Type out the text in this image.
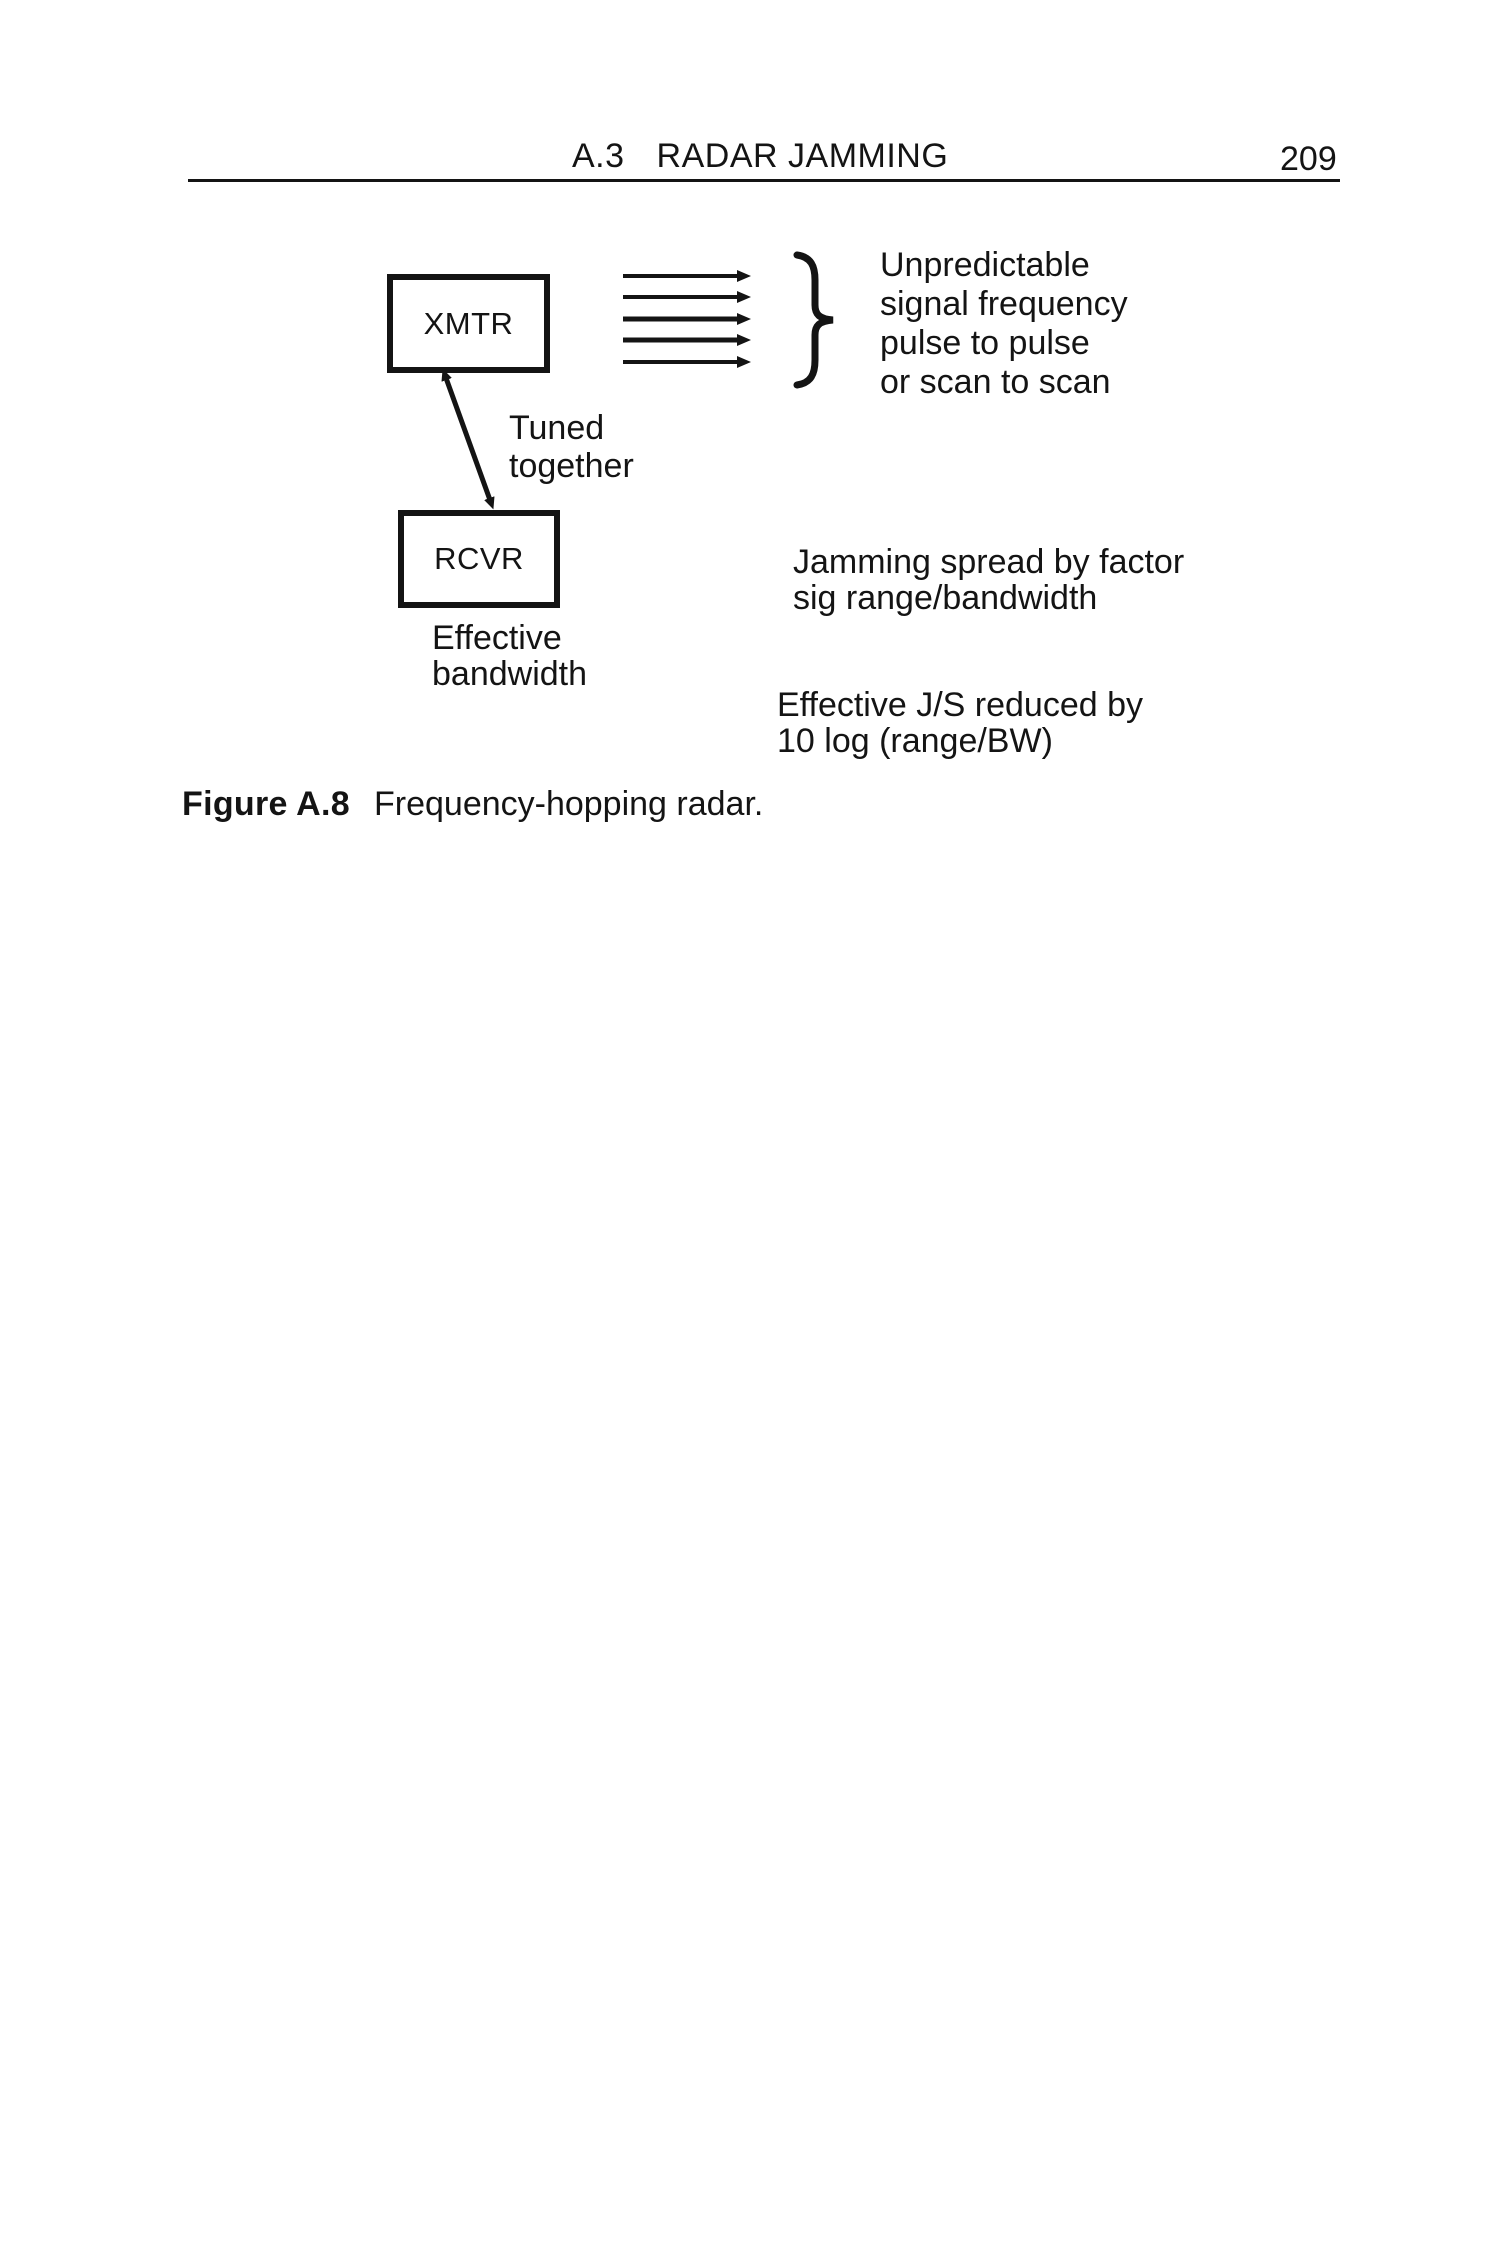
A.3 RADAR JAMMING	209
XMTR
Unpredictable
signal frequency
pulse to pulse
or scan to scan
Tuned
together
RCVR
Effective
bandwidth
Jamming spread by factor
sig range/bandwidth
Effective J/S reduced by
10 log (range/BW)
Figure A.8 Frequency-hopping radar.
